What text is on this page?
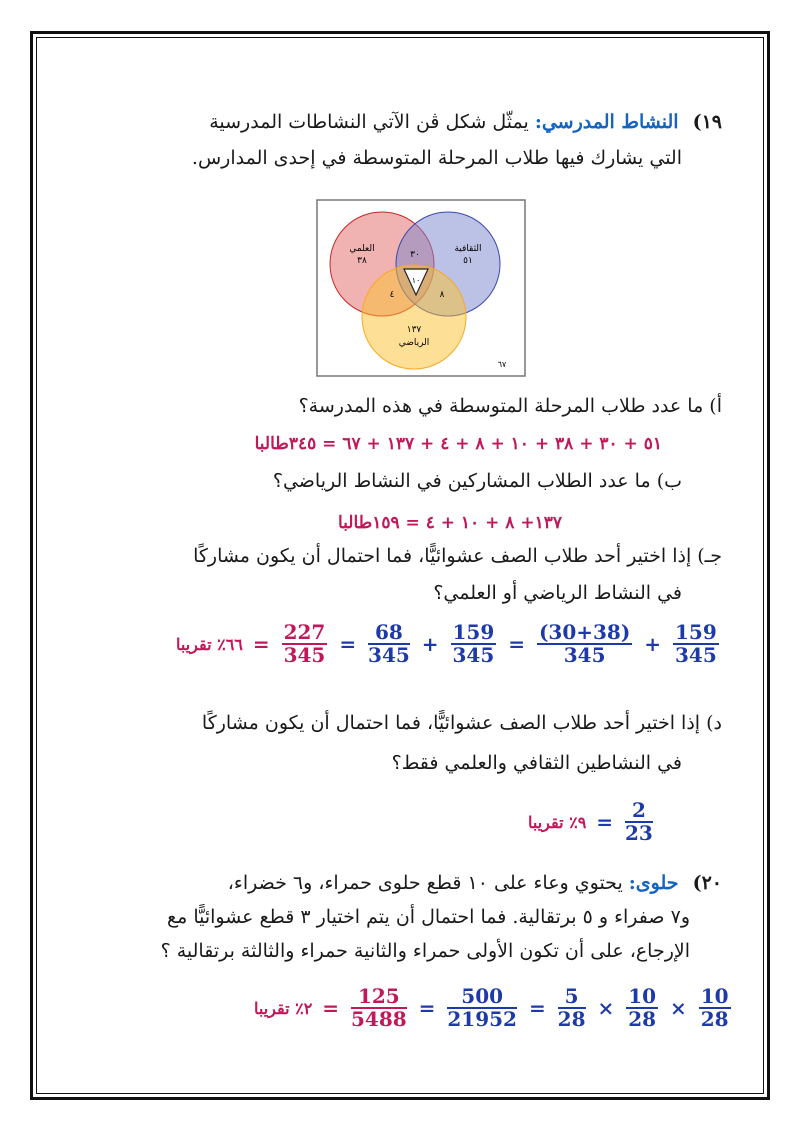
١٩) النشاط المدرسي: يمثّل شكل ڤن الآتي النشاطات المدرسية
التي يشارك فيها طلاب المرحلة المتوسطة في إحدى المدارس.
العلمي
٣٨
الثقافية
٥١
٣٠
١٠
٤	٨
١٣٧
الرياضي
٦٧
أ) ما عدد طلاب المرحلة المتوسطة في هذه المدرسة؟
٥١ + ٣٠ + ٣٨ + ١٠ + ٨ + ٤ + ١٣٧ + ٦٧ = ٣٤٥طالبا
ب) ما عدد الطلاب المشاركين في النشاط الرياضي؟
١٣٧+ ٨ + ١٠ + ٤ = ١٥٩طالبا
جـ) إذا اختير أحد طلاب الصف عشوائيًّا، فما احتمال أن يكون مشاركًا
في النشاط الرياضي أو العلمي؟
٦٦٪ تقريبا = $\frac{227}{345} = \frac{68}{345} + \frac{159}{345} = \frac{(30+38)}{345} + \frac{159}{345}$
د) إذا اختير أحد طلاب الصف عشوائيًّا، فما احتمال أن يكون مشاركًا
في النشاطين الثقافي والعلمي فقط؟
٩٪ تقريبا = $\frac{2}{23}$
٢٠) حلوى: يحتوي وعاء على ١٠ قطع حلوى حمراء، و٦ خضراء،
و٧ صفراء و ٥ برتقالية. فما احتمال أن يتم اختيار ٣ قطع عشوائيًّا مع
الإرجاع، على أن تكون الأولى حمراء والثانية حمراء والثالثة برتقالية ؟
٢٪ تقريبا = $\frac{125}{5488} = \frac{500}{21952} = \frac{5}{28} \times \frac{10}{28} \times \frac{10}{28}$
